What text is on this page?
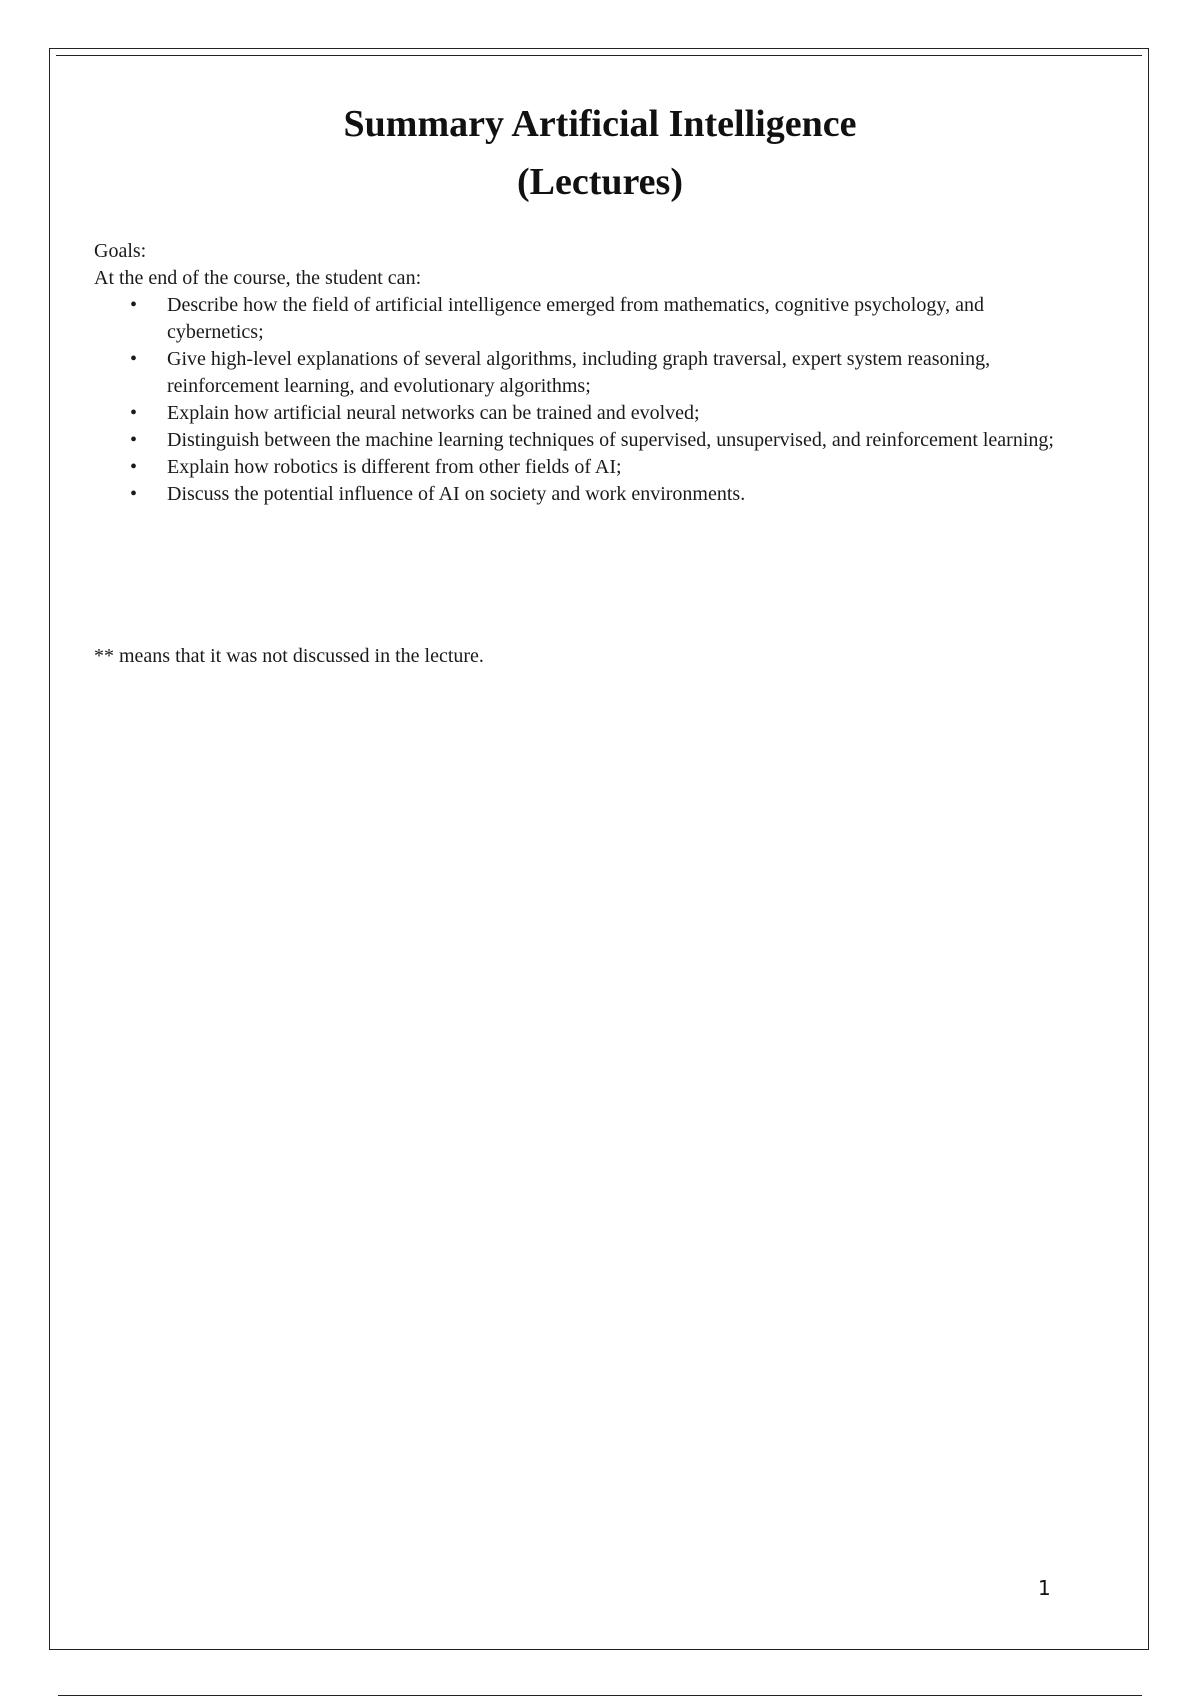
Summary Artificial Intelligence
(Lectures)
Goals:
At the end of the course, the student can:
• Describe how the field of artificial intelligence emerged from mathematics, cognitive psychology, and cybernetics;
• Give high-level explanations of several algorithms, including graph traversal, expert system reasoning, reinforcement learning, and evolutionary algorithms;
• Explain how artificial neural networks can be trained and evolved;
• Distinguish between the machine learning techniques of supervised, unsupervised, and reinforcement learning;
• Explain how robotics is different from other fields of AI;
• Discuss the potential influence of AI on society and work environments.
** means that it was not discussed in the lecture.
1
